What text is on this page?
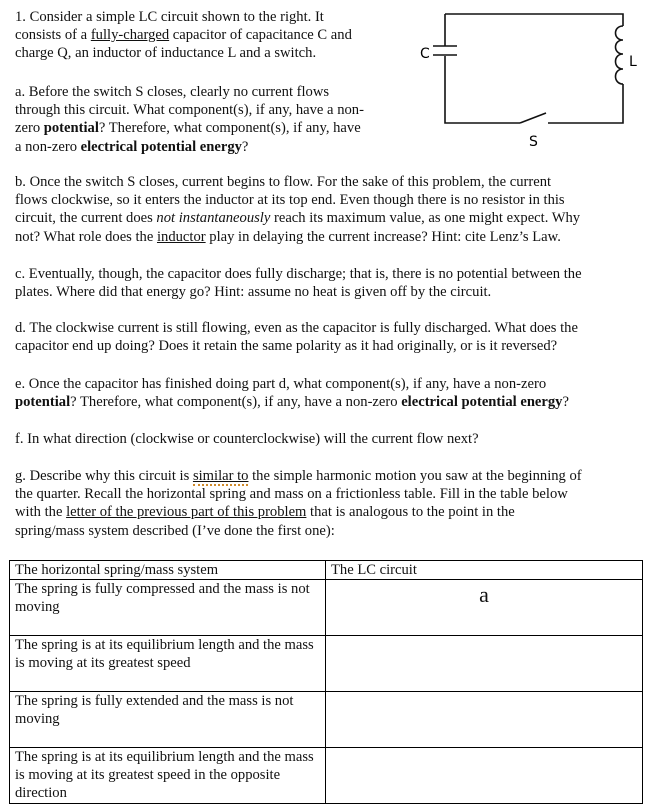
C	L
S
1. Consider a simple LC circuit shown to the right. It
consists of a fully-charged capacitor of capacitance C and
charge Q, an inductor of inductance L and a switch.
a. Before the switch S closes, clearly no current flows
through this circuit. What component(s), if any, have a non-
zero potential? Therefore, what component(s), if any, have
a non-zero electrical potential energy?
b. Once the switch S closes, current begins to flow. For the sake of this problem, the current
flows clockwise, so it enters the inductor at its top end. Even though there is no resistor in this
circuit, the current does not instantaneously reach its maximum value, as one might expect. Why
not? What role does the inductor play in delaying the current increase? Hint: cite Lenz’s Law.
c. Eventually, though, the capacitor does fully discharge; that is, there is no potential between the
plates. Where did that energy go? Hint: assume no heat is given off by the circuit.
d. The clockwise current is still flowing, even as the capacitor is fully discharged. What does the
capacitor end up doing? Does it retain the same polarity as it had originally, or is it reversed?
e. Once the capacitor has finished doing part d, what component(s), if any, have a non-zero
potential? Therefore, what component(s), if any, have a non-zero electrical potential energy?
f. In what direction (clockwise or counterclockwise) will the current flow next?
g. Describe why this circuit is similar to the simple harmonic motion you saw at the beginning of
the quarter. Recall the horizontal spring and mass on a frictionless table. Fill in the table below
with the letter of the previous part of this problem that is analogous to the point in the
spring/mass system described (I’ve done the first one):
The horizontal spring/mass system	The LC circuit
The spring is fully compressed and the mass is not moving	a
The spring is at its equilibrium length and the mass is moving at its greatest speed	
The spring is fully extended and the mass is not moving	
The spring is at its equilibrium length and the mass is moving at its greatest speed in the opposite direction	
